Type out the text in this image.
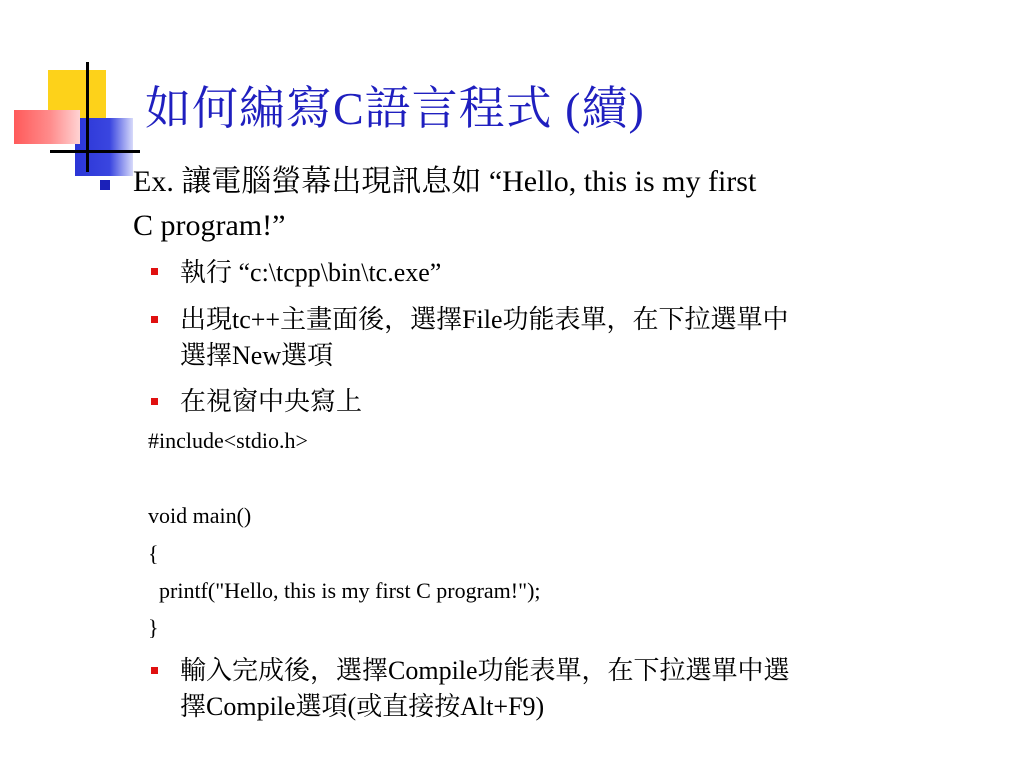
如何編寫C語言程式 (續)
Ex. 讓電腦螢幕出現訊息如 “Hello, this is my first
C program!”
執行 “c:\tcpp\bin\tc.exe”
出現tc++主畫面後，選擇File功能表單，在下拉選單中
選擇New選項
在視窗中央寫上
#include<stdio.h>
void main()
{
printf("Hello, this is my first C program!");
}
輸入完成後，選擇Compile功能表單，在下拉選單中選
擇Compile選項(或直接按Alt+F9)
